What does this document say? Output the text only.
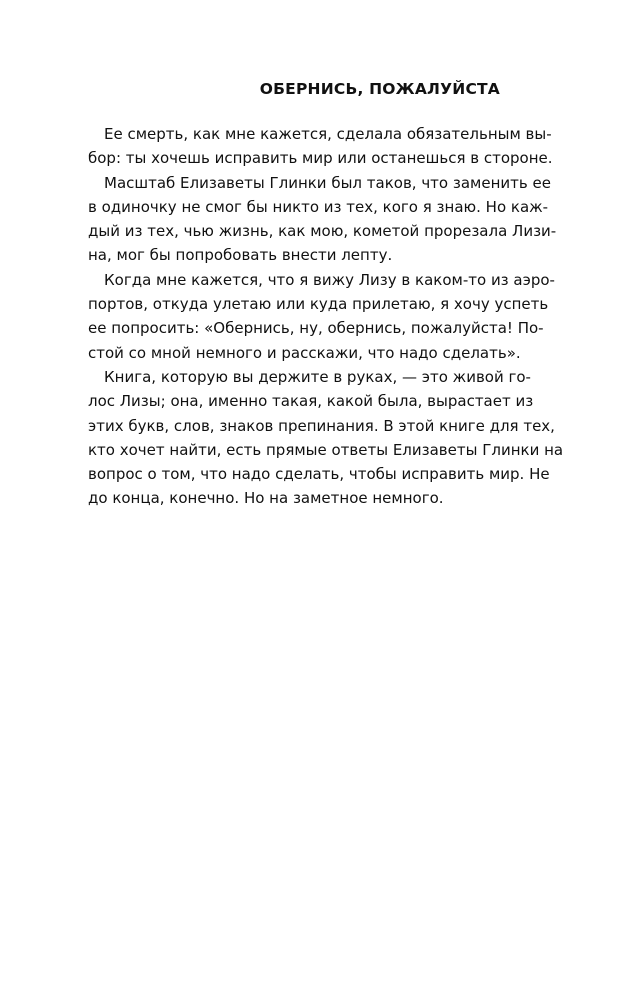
ОБЕРНИСЬ, ПОЖАЛУЙСТА
Ее смерть, как мне кажется, сделала обязательным вы-
бор: ты хочешь исправить мир или останешься в стороне.
Масштаб Елизаветы Глинки был таков, что заменить ее
в одиночку не смог бы никто из тех, кого я знаю. Но каж-
дый из тех, чью жизнь, как мою, кометой прорезала Лизи-
на, мог бы попробовать внести лепту.
Когда мне кажется, что я вижу Лизу в каком-то из аэро-
портов, откуда улетаю или куда прилетаю, я хочу успеть
ее попросить: «Обернись, ну, обернись, пожалуйста! По-
стой со мной немного и расскажи, что надо сделать».
Книга, которую вы держите в руках, — это живой го-
лос Лизы; она, именно такая, какой была, вырастает из
этих букв, слов, знаков препинания. В этой книге для тех,
кто хочет найти, есть прямые ответы Елизаветы Глинки на
вопрос о том, что надо сделать, чтобы исправить мир. Не
до конца, конечно. Но на заметное немного.
